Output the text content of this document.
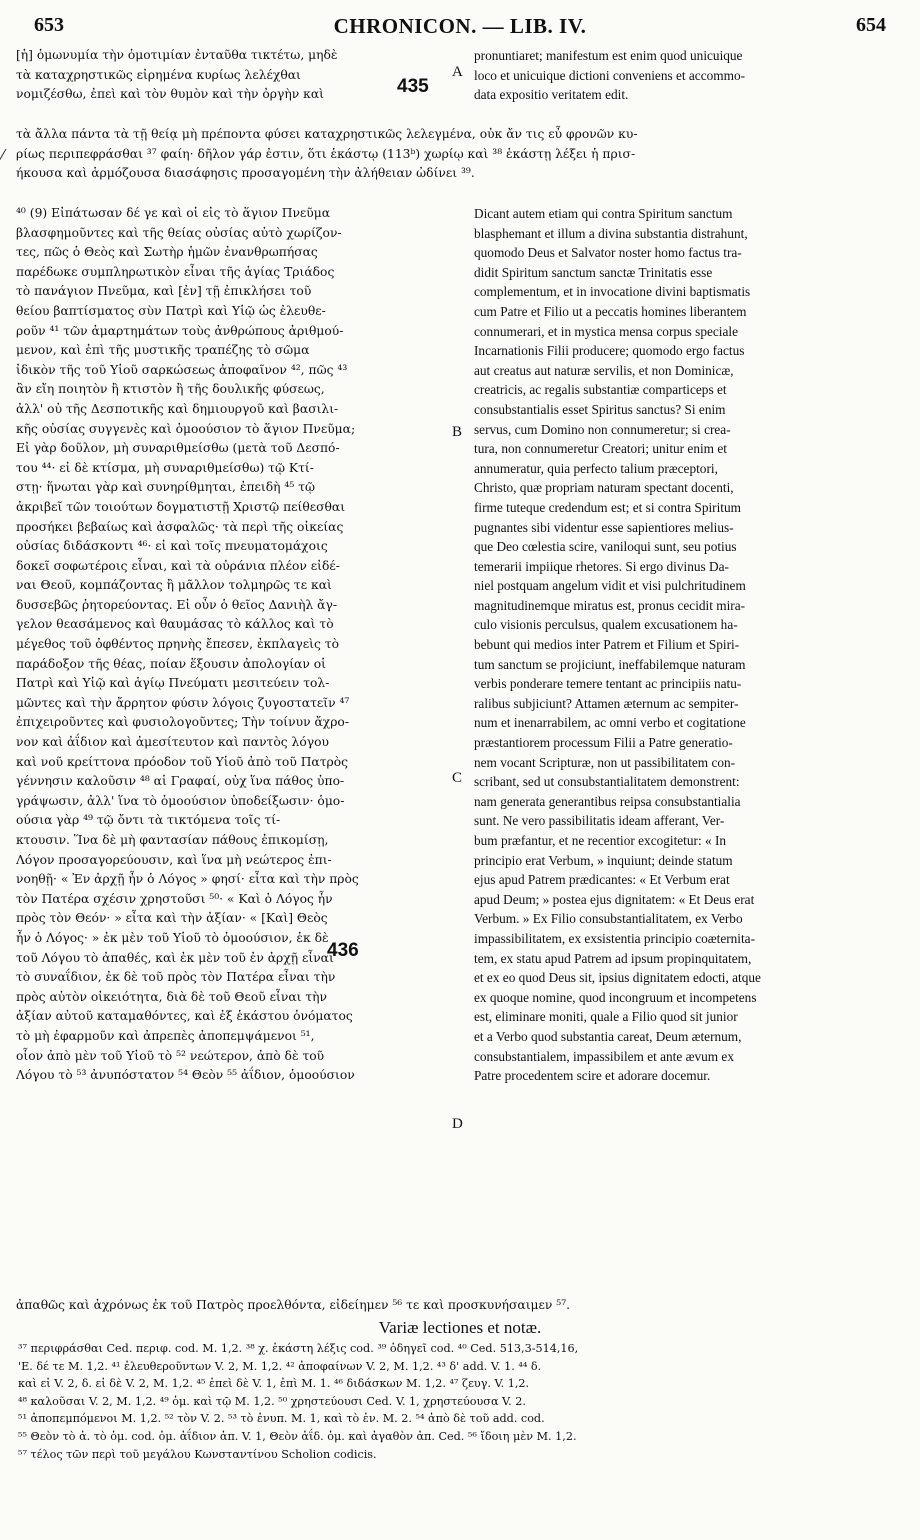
653	CHRONICON. — LIB. IV.	654
[ἡ] ὁμωνυμία τὴν ὁμοτιμίαν ἐνταῦθα τικτέτω, μηδὲ
τὰ καταχρηστικῶς εἰρημένα κυρίως λελέχθαι
νομιζέσθω, ἐπεὶ καὶ τὸν θυμὸν καὶ τὴν ὀργὴν καὶ
pronuntiaret; manifestum est enim quod unicuique
loco et unicuique dictioni conveniens et accommo-
data expositio veritatem edit.
τὰ ἄλλα πάντα τὰ τῇ θείᾳ μὴ πρέποντα φύσει καταχρηστικῶς λελεγμένα, οὐκ ἄν τις εὖ φρονῶν κυ-
ρίως περιπεφράσθαι ³⁷ φαίη· δῆλον γάρ ἐστιν, ὅτι ἑκάστῳ (113ᵇ) χωρίῳ καὶ ³⁸ ἑκάστῃ λέξει ἡ πρισ-
ήκουσα καὶ ἁρμόζουσα διασάφησις προσαγομένη τὴν ἀλήθειαν ὠδίνει ³⁹.
⁴⁰ (9) Εἰπάτωσαν δέ γε καὶ οἱ εἰς τὸ ἅγιον Πνεῦμα
βλασφημοῦντες καὶ τῆς θείας οὐσίας αὐτὸ χωρίζον-
τες, πῶς ὁ Θεὸς καὶ Σωτὴρ ἡμῶν ἐνανθρωπήσας
παρέδωκε συμπληρωτικὸν εἶναι τῆς ἁγίας Τριάδος
τὸ πανάγιον Πνεῦμα, καὶ [ἐν] τῇ ἐπικλήσει τοῦ
θείου βαπτίσματος σὺν Πατρὶ καὶ Υἱῷ ὡς ἐλευθε-
ροῦν ⁴¹ τῶν ἁμαρτημάτων τοὺς ἀνθρώπους ἀριθμού-
μενον, καὶ ἐπὶ τῆς μυστικῆς τραπέζης τὸ σῶμα
ἰδικὸν τῆς τοῦ Υἱοῦ σαρκώσεως ἀποφαῖνον ⁴², πῶς ⁴³
ἂν εἴη ποιητὸν ἢ κτιστὸν ἢ τῆς δουλικῆς φύσεως,
ἀλλ' οὐ τῆς Δεσποτικῆς καὶ δημιουργοῦ καὶ βασιλι-
κῆς οὐσίας συγγενὲς καὶ ὁμοούσιον τὸ ἅγιον Πνεῦμα;
Εἰ γὰρ δοῦλον, μὴ συναριθμείσθω (μετὰ τοῦ Δεσπό-
του ⁴⁴· εἰ δὲ κτίσμα, μὴ συναριθμείσθω) τῷ Κτί-
στῃ· ἥνωται γὰρ καὶ συνηρίθμηται, ἐπειδὴ ⁴⁵ τῷ
ἀκριβεῖ τῶν τοιούτων δογματιστῇ Χριστῷ πείθεσθαι
προσήκει βεβαίως καὶ ἀσφαλῶς· τὰ περὶ τῆς οἰκείας
οὐσίας διδάσκοντι ⁴⁶· εἰ καὶ τοῖς πνευματομάχοις
δοκεῖ σοφωτέροις εἶναι, καὶ τὰ οὐράνια πλέον εἰδέ-
ναι Θεοῦ, κομπάζοντας ἢ μᾶλλον τολμηρῶς τε καὶ
δυσσεβῶς ῥητορεύοντας. Εἰ οὖν ὁ θεῖος Δανιὴλ ἄγ-
γελον θεασάμενος καὶ θαυμάσας τὸ κάλλος καὶ τὸ
μέγεθος τοῦ ὀφθέντος πρηνὴς ἔπεσεν, ἐκπλαγεὶς τὸ
παράδοξον τῆς θέας, ποίαν ἕξουσιν ἀπολογίαν οἱ
Πατρὶ καὶ Υἱῷ καὶ ἁγίῳ Πνεύματι μεσιτεύειν τολ-
μῶντες καὶ τὴν ἄρρητον φύσιν λόγοις ζυγοστατεῖν ⁴⁷
ἐπιχειροῦντες καὶ φυσιολογοῦντες; Τὴν τοίνυν ἄχρο-
νον καὶ ἀΐδιον καὶ ἀμεσίτευτον καὶ παντὸς λόγου
καὶ νοῦ κρείττονα πρόοδον τοῦ Υἱοῦ ἀπὸ τοῦ Πατρὸς
γέννησιν καλοῦσιν ⁴⁸ αἱ Γραφαί, οὐχ ἵνα πάθος ὑπο-
γράψωσιν, ἀλλ' ἵνα τὸ ὁμοούσιον ὑποδείξωσιν· ὁμο-
ούσια γὰρ ⁴⁹ τῷ ὄντι τὰ τικτόμενα τοῖς τί-
κτουσιν. Ἵνα δὲ μὴ φαντασίαν πάθους ἐπικομίσῃ,
Λόγον προσαγορεύουσιν, καὶ ἵνα μὴ νεώτερος ἐπι-
νοηθῇ· « Ἐν ἀρχῇ ἦν ὁ Λόγος » φησί· εἶτα καὶ τὴν πρὸς
τὸν Πατέρα σχέσιν χρηστοῦσι ⁵⁰· « Καὶ ὁ Λόγος ἦν
πρὸς τὸν Θεόν· » εἶτα καὶ τὴν ἀξίαν· « [Καὶ] Θεὸς
ἦν ὁ Λόγος· » ἐκ μὲν τοῦ Υἱοῦ τὸ ὁμοούσιον, ἐκ δὲ
τοῦ Λόγου τὸ ἀπαθές, καὶ ἐκ μὲν τοῦ ἐν ἀρχῇ εἶναι
τὸ συναΐδιον, ἐκ δὲ τοῦ πρὸς τὸν Πατέρα εἶναι τὴν
πρὸς αὐτὸν οἰκειότητα, διὰ δὲ τοῦ Θεοῦ εἶναι τὴν
ἀξίαν αὐτοῦ καταμαθόντες, καὶ ἐξ ἑκάστου ὀνόματος
τὸ μὴ ἐφαρμοῦν καὶ ἀπρεπὲς ἀποπεμψάμενοι ⁵¹,
οἷον ἀπὸ μὲν τοῦ Υἱοῦ τὸ ⁵² νεώτερον, ἀπὸ δὲ τοῦ
Λόγου τὸ ⁵³ ἀνυπόστατον ⁵⁴ Θεὸν ⁵⁵ ἀΐδιον, ὁμοούσιον
Dicant autem etiam qui contra Spiritum sanctum
blasphemant et illum a divina substantia distrahunt,
quomodo Deus et Salvator noster homo factus tra-
didit Spiritum sanctum sanctæ Trinitatis esse
complementum, et in invocatione divini baptismatis
cum Patre et Filio ut a peccatis homines liberantem
connumerari, et in mystica mensa corpus speciale
Incarnationis Filii producere; quomodo ergo factus
aut creatus aut naturæ servilis, et non Dominicæ,
creatricis, ac regalis substantiæ comparticeps et
consubstantialis esset Spiritus sanctus? Si enim
servus, cum Domino non connumeretur; si crea-
tura, non connumeretur Creatori; unitur enim et
annumeratur, quia perfecto talium præceptori,
Christo, quæ propriam naturam spectant docenti,
firme tuteque credendum est; et si contra Spiritum
pugnantes sibi videntur esse sapientiores melius-
que Deo cœlestia scire, vaniloqui sunt, seu potius
temerarii impiique rhetores. Si ergo divinus Da-
niel postquam angelum vidit et visi pulchritudinem
magnitudinemque miratus est, pronus cecidit mira-
culo visionis perculsus, qualem excusationem ha-
bebunt qui medios inter Patrem et Filium et Spiri-
tum sanctum se projiciunt, ineffabilemque naturam
verbis ponderare temere tentant ac principiis natu-
ralibus subjiciunt? Attamen æternum ac sempiter-
num et inenarrabilem, ac omni verbo et cogitatione
præstantiorem processum Filii a Patre generatio-
nem vocant Scripturæ, non ut passibilitatem con-
scribant, sed ut consubstantialitatem demonstrent:
nam generata generantibus reipsa consubstantialia
sunt. Ne vero passibilitatis ideam afferant, Ver-
bum præfantur, et ne recentior excogitetur: « In
principio erat Verbum, » inquiunt; deinde statum
ejus apud Patrem prædicantes: « Et Verbum erat
apud Deum; » postea ejus dignitatem: « Et Deus erat
Verbum. » Ex Filio consubstantialitatem, ex Verbo
impassibilitatem, ex exsistentia principio coæternita-
tem, ex statu apud Patrem ad ipsum propinquitatem,
et ex eo quod Deus sit, ipsius dignitatem edocti, atque
ex quoque nomine, quod incongruum et incompetens
est, eliminare moniti, quale a Filio quod sit junior
et a Verbo quod substantia careat, Deum æternum,
consubstantialem, impassibilem et ante ævum ex
Patre procedentem scire et adorare docemur.
ἀπαθῶς καὶ ἀχρόνως ἐκ τοῦ Πατρὸς προελθόντα, εἰδείημεν ⁵⁶ τε καὶ προσκυνήσαιμεν ⁵⁷.
435
436
A
B
C
D
Variæ lectiones et notæ.
³⁷ περιφράσθαι Ced. περιφ. cod. M. 1,2. ³⁸ χ. ἑκάστη λέξις cod. ³⁹ ὁδηγεῖ cod. ⁴⁰ Ced. 513,3-514,16,
'Ε. δέ τε M. 1,2. ⁴¹ ἐλευθεροῦντων V. 2, M. 1,2. ⁴² ἀποφαίνων V. 2, M. 1,2. ⁴³ δ' add. V. 1. ⁴⁴ δ.
καὶ εἰ V. 2, δ. εἰ δὲ V. 2, M. 1,2. ⁴⁵ ἐπεὶ δὲ V. 1, ἐπὶ M. 1. ⁴⁶ διδάσκων M. 1,2. ⁴⁷ ζευγ. V. 1,2.
⁴⁸ καλοῦσαι V. 2, M. 1,2. ⁴⁹ ὁμ. καὶ τῷ M. 1,2. ⁵⁰ χρηστεύουσι Ced. V. 1, χρηστεύουσα V. 2.
⁵¹ ἀποπεμπόμενοι M. 1,2. ⁵² τὸν V. 2. ⁵³ τὸ ἐνυπ. M. 1, καὶ τὸ ἐν. M. 2. ⁵⁴ ἀπὸ δὲ τοῦ add. cod.
⁵⁵ Θεὸν τὸ ἀ. τὸ ὁμ. cod. ὁμ. ἀΐδιον ἀπ. V. 1, Θεὸν ἀΐδ. ὁμ. καὶ ἀγαθὸν ἀπ. Ced. ⁵⁶ ἴδοιη μὲν M. 1,2.
⁵⁷ τέλος τῶν περὶ τοῦ μεγάλου Κωνσταντίνου Scholion codicis.
